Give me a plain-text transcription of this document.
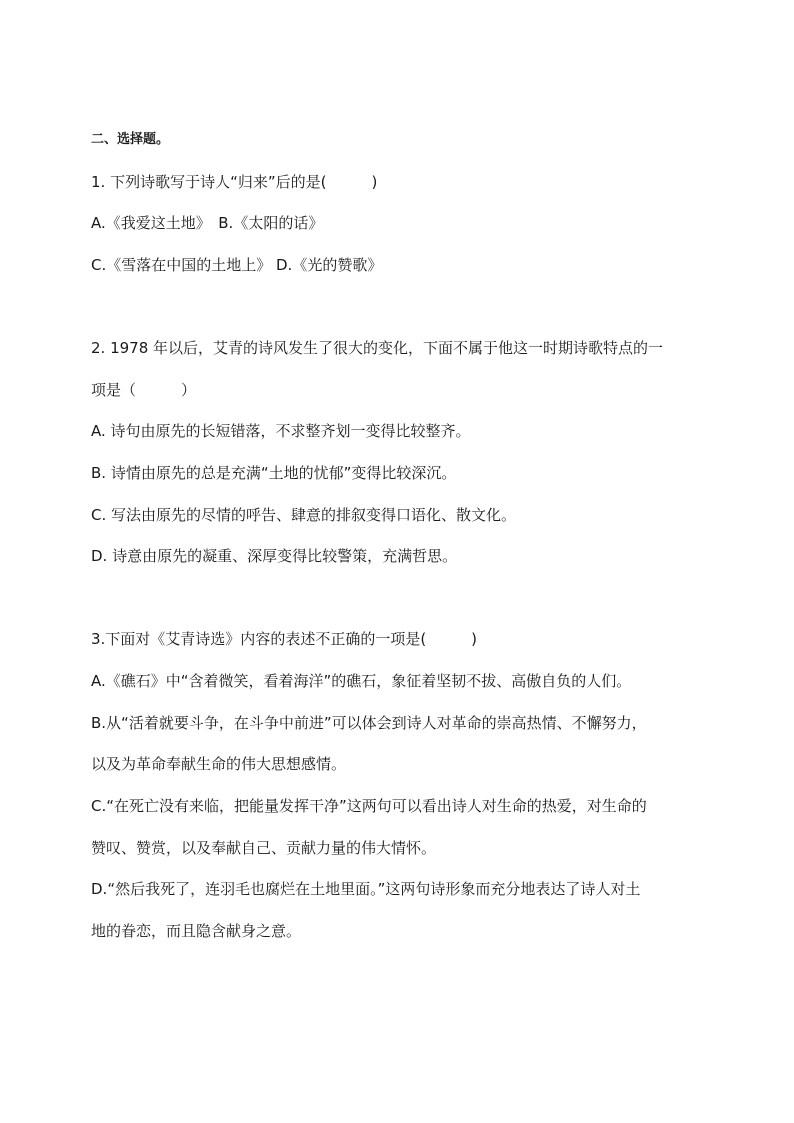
二、选择题。
1. 下列诗歌写于诗人“归来”后的是(　　　)
A.《我爱这土地》　B.《太阳的话》
C.《雪落在中国的土地上》 D.《光的赞歌》
2. 1978 年以后，艾青的诗风发生了很大的变化，下面不属于他这一时期诗歌特点的一
项是（　　　）
A. 诗句由原先的长短错落，不求整齐划一变得比较整齐。
B. 诗情由原先的总是充满“土地的忧郁”变得比较深沉。
C. 写法由原先的尽情的呼告、肆意的排叙变得口语化、散文化。
D. 诗意由原先的凝重、深厚变得比较警策，充满哲思。
3.下面对《艾青诗选》内容的表述不正确的一项是(　　　)
A.《礁石》中“含着微笑，看着海洋”的礁石，象征着坚韧不拔、高傲自负的人们。
B.从“活着就要斗争，在斗争中前进”可以体会到诗人对革命的崇高热情、不懈努力，
以及为革命奉献生命的伟大思想感情。
C.“在死亡没有来临，把能量发挥干净”这两句可以看出诗人对生命的热爱，对生命的
赞叹、赞赏，以及奉献自己、贡献力量的伟大情怀。
D.“然后我死了，连羽毛也腐烂在土地里面。”这两句诗形象而充分地表达了诗人对土
地的眷恋，而且隐含献身之意。
